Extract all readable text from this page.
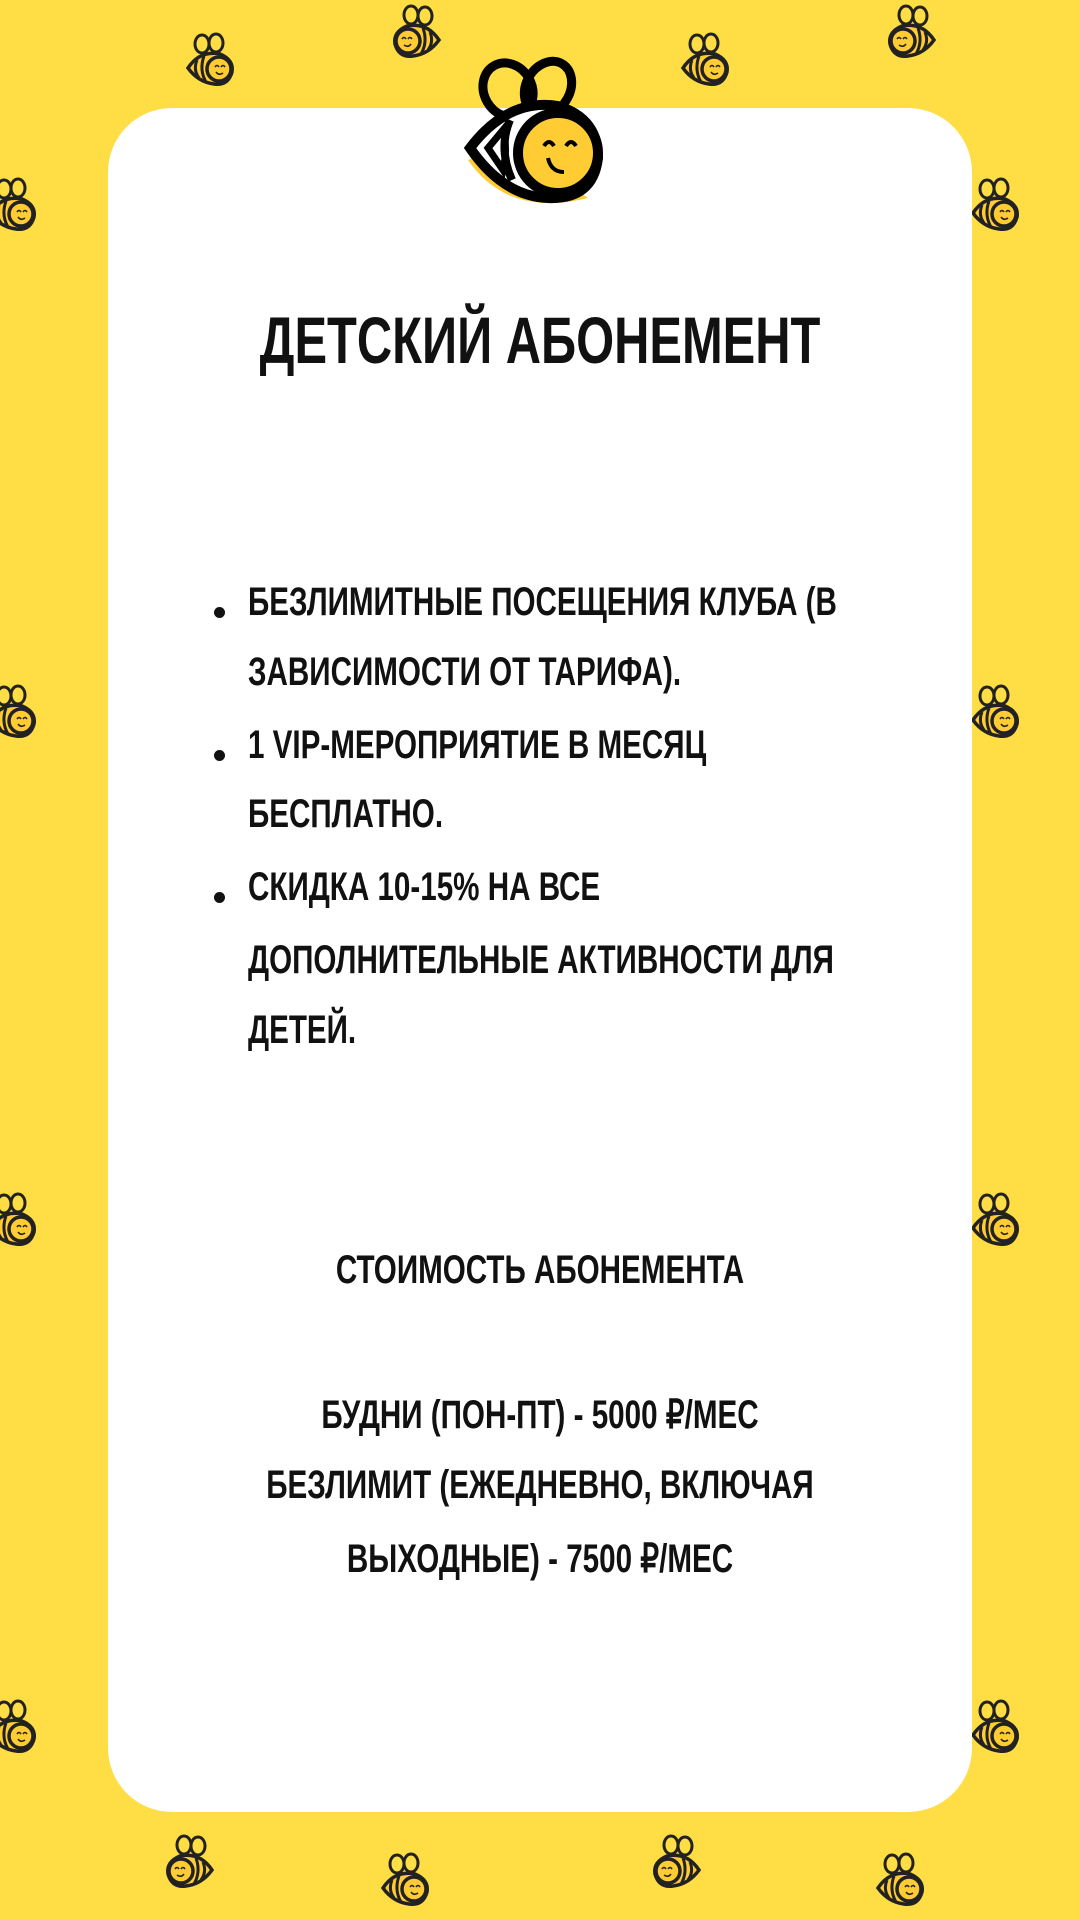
ДЕТСКИЙ АБОНЕМЕНТ
БЕЗЛИМИТНЫЕ ПОСЕЩЕНИЯ КЛУБА (В
ЗАВИСИМОСТИ ОТ ТАРИФА).
1 VIP-МЕРОПРИЯТИЕ В МЕСЯЦ
БЕСПЛАТНО.
СКИДКА 10-15% НА ВСЕ
ДОПОЛНИТЕЛЬНЫЕ АКТИВНОСТИ ДЛЯ
ДЕТЕЙ.
СТОИМОСТЬ АБОНЕМЕНТА
БУДНИ (ПОН-ПТ) - 5000 ₽/МЕС
БЕЗЛИМИТ (ЕЖЕДНЕВНО, ВКЛЮЧАЯ
ВЫХОДНЫЕ) - 7500 ₽/МЕС
